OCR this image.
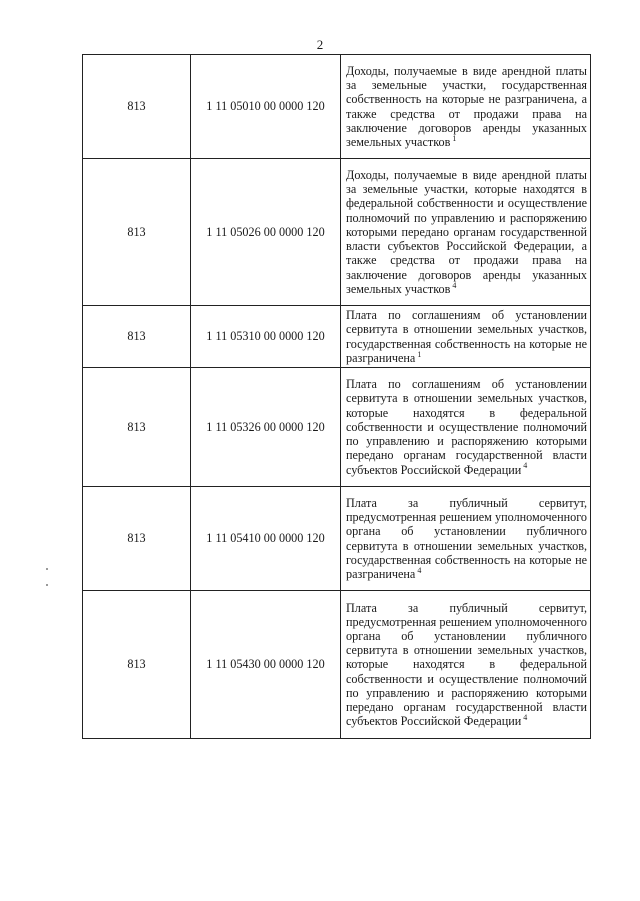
2
813	1 11 05010 00 0000 120	Доходы, получаемые в виде арендной платы за земельные участки, государственная собственность на которые не разграничена, а также средства от продажи права на заключение договоров аренды указанных земельных участков $^1$
813	1 11 05026 00 0000 120	Доходы, получаемые в виде арендной платы за земельные участки, которые находятся в федеральной собственности и осуществление полномочий по управлению и распоряжению которыми передано органам государственной власти субъектов Российской Федерации, а также средства от продажи права на заключение договоров аренды указанных земельных участков $^4$
813	1 11 05310 00 0000 120	Плата по соглашениям об установлении сервитута в отношении земельных участков, государственная собственность на которые не разграничена $^1$
813	1 11 05326 00 0000 120	Плата по соглашениям об установлении сервитута в отношении земельных участков, которые находятся в федеральной собственности и осуществление полномочий по управлению и распоряжению которыми передано органам государственной власти субъектов Российской Федерации $^4$
813	1 11 05410 00 0000 120	Плата за публичный сервитут, предусмотренная решением уполномоченного органа об установлении публичного сервитута в отношении земельных участков, государственная собственность на которые не разграничена $^4$
813	1 11 05430 00 0000 120	Плата за публичный сервитут, предусмотренная решением уполномоченного органа об установлении публичного сервитута в отношении земельных участков, которые находятся в федеральной собственности и осуществление полномочий по управлению и распоряжению которыми передано органам государственной власти субъектов Российской Федерации $^4$
